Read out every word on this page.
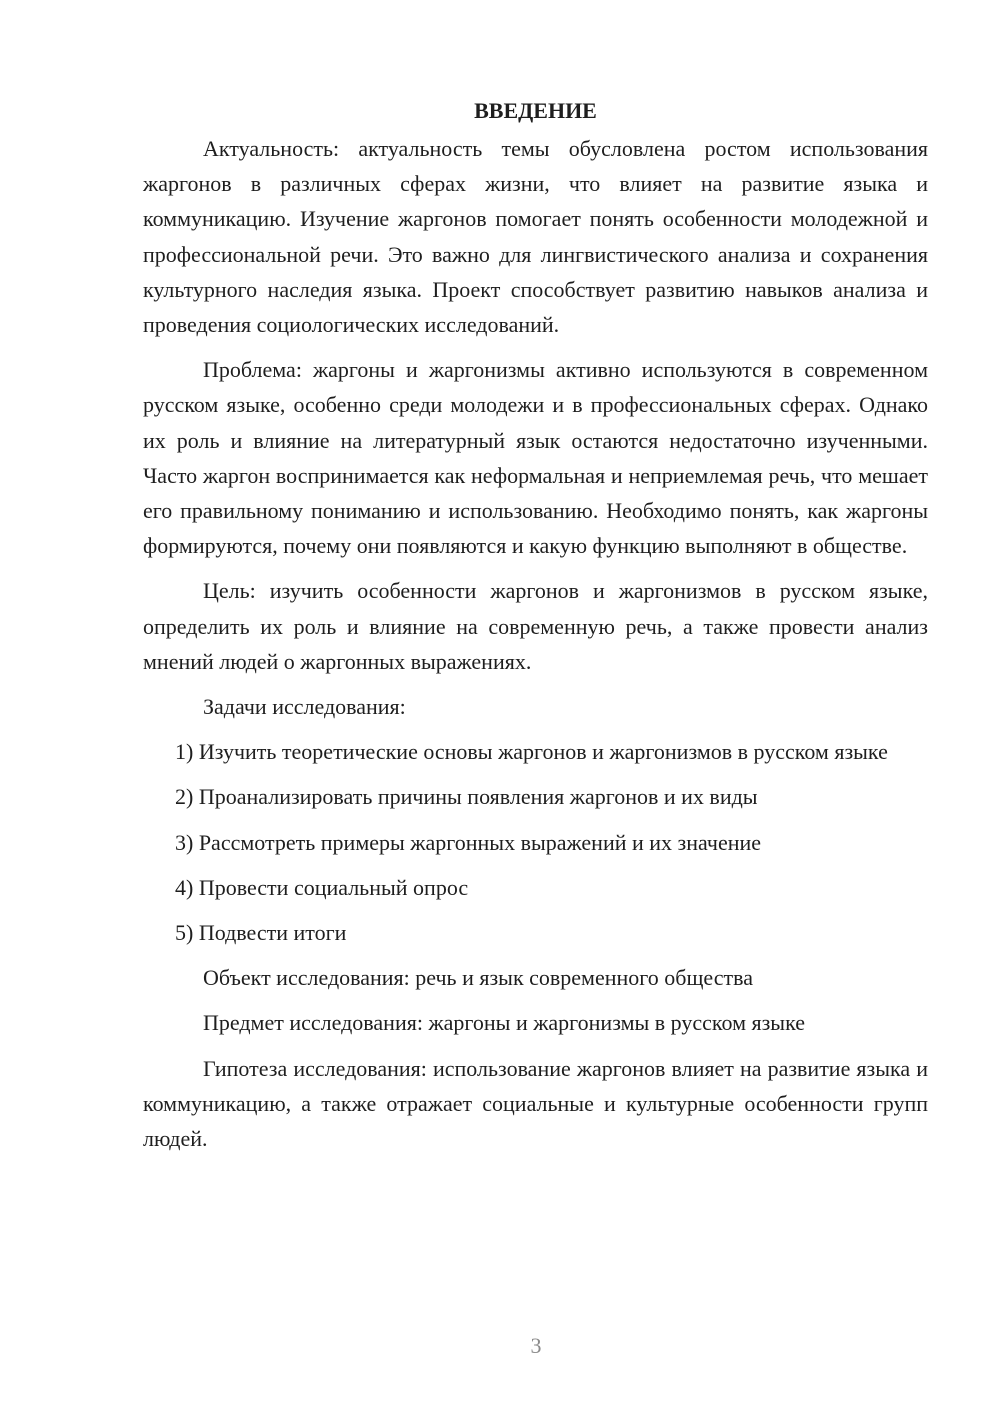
ВВЕДЕНИЕ

Актуальность: актуальность темы обусловлена ростом использования жаргонов в различных сферах жизни, что влияет на развитие языка и коммуникацию. Изучение жаргонов помогает понять особенности молодежной и профессиональной речи. Это важно для лингвистического анализа и сохранения культурного наследия языка. Проект способствует развитию навыков анализа и проведения социологических исследований.

Проблема: жаргоны и жаргонизмы активно используются в современном русском языке, особенно среди молодежи и в профессиональных сферах. Однако их роль и влияние на литературный язык остаются недостаточно изученными. Часто жаргон воспринимается как неформальная и неприемлемая речь, что мешает его правильному пониманию и использованию. Необходимо понять, как жаргоны формируются, почему они появляются и какую функцию выполняют в обществе.

Цель: изучить особенности жаргонов и жаргонизмов в русском языке, определить их роль и влияние на современную речь, а также провести анализ мнений людей о жаргонных выражениях.

Задачи исследования:

1) Изучить теоретические основы жаргонов и жаргонизмов в русском языке

2) Проанализировать причины появления жаргонов и их виды

3) Рассмотреть примеры жаргонных выражений и их значение

4) Провести социальный опрос

5) Подвести итоги

Объект исследования: речь и язык современного общества

Предмет исследования: жаргоны и жаргонизмы в русском языке

Гипотеза исследования: использование жаргонов влияет на развитие языка и коммуникацию, а также отражает социальные и культурные особенности групп людей.

3
